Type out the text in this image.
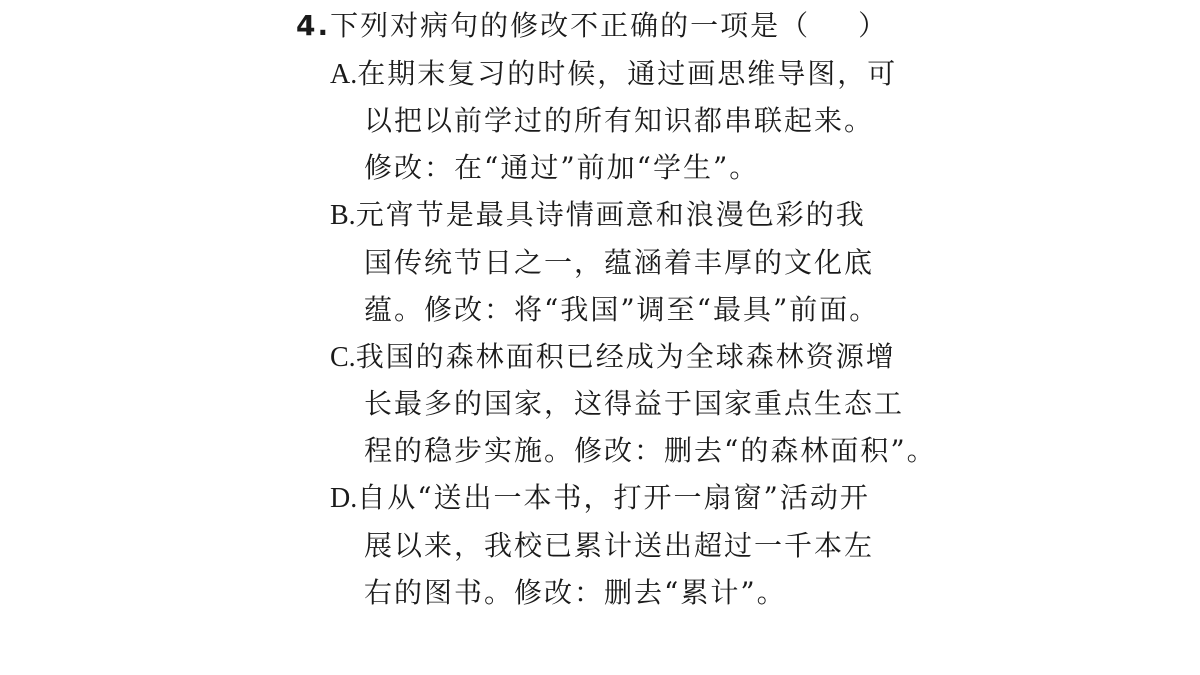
4.下列对病句的修改不正确的一项是（ ）
A.在期末复习的时候，通过画思维导图，可
以把以前学过的所有知识都串联起来。
修改：在“通过”前加“学生”。
B.元宵节是最具诗情画意和浪漫色彩的我
国传统节日之一，蕴涵着丰厚的文化底
蕴。修改：将“我国”调至“最具”前面。
C.我国的森林面积已经成为全球森林资源增
长最多的国家，这得益于国家重点生态工
程的稳步实施。修改：删去“的森林面积”。
D.自从“送出一本书，打开一扇窗”活动开
展以来，我校已累计送出超过一千本左
右的图书。修改：删去“累计”。
